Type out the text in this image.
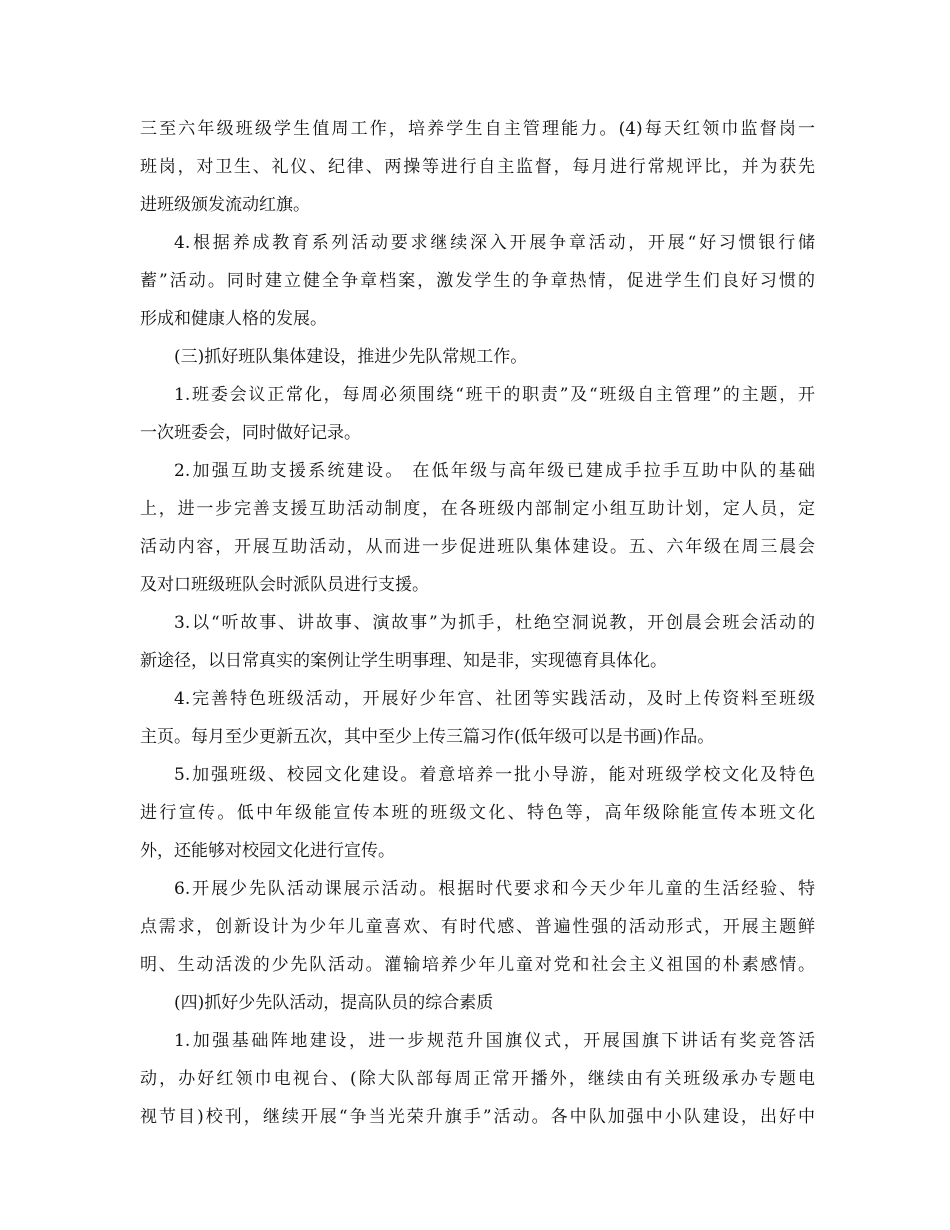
三至六年级班级学生值周工作，培养学生自主管理能力。(4)每天红领巾监督岗一
班岗，对卫生、礼仪、纪律、两操等进行自主监督，每月进行常规评比，并为获先
进班级颁发流动红旗。
4.根据养成教育系列活动要求继续深入开展争章活动，开展“好习惯银行储
蓄”活动。同时建立健全争章档案，激发学生的争章热情，促进学生们良好习惯的
形成和健康人格的发展。
(三)抓好班队集体建设，推进少先队常规工作。
1.班委会议正常化，每周必须围绕“班干的职责”及“班级自主管理”的主题，开
一次班委会，同时做好记录。
2.加强互助支援系统建设。 在低年级与高年级已建成手拉手互助中队的基础
上，进一步完善支援互助活动制度，在各班级内部制定小组互助计划，定人员，定
活动内容，开展互助活动，从而进一步促进班队集体建设。五、六年级在周三晨会
及对口班级班队会时派队员进行支援。
3.以“听故事、讲故事、演故事”为抓手，杜绝空洞说教，开创晨会班会活动的
新途径，以日常真实的案例让学生明事理、知是非，实现德育具体化。
4.完善特色班级活动，开展好少年宫、社团等实践活动，及时上传资料至班级
主页。每月至少更新五次，其中至少上传三篇习作(低年级可以是书画)作品。
5.加强班级、校园文化建设。着意培养一批小导游，能对班级学校文化及特色
进行宣传。低中年级能宣传本班的班级文化、特色等，高年级除能宣传本班文化
外，还能够对校园文化进行宣传。
6.开展少先队活动课展示活动。根据时代要求和今天少年儿童的生活经验、特
点需求，创新设计为少年儿童喜欢、有时代感、普遍性强的活动形式，开展主题鲜
明、生动活泼的少先队活动。灌输培养少年儿童对党和社会主义祖国的朴素感情。
(四)抓好少先队活动，提高队员的综合素质
1.加强基础阵地建设，进一步规范升国旗仪式，开展国旗下讲话有奖竞答活
动，办好红领巾电视台、(除大队部每周正常开播外，继续由有关班级承办专题电
视节目)校刊，继续开展“争当光荣升旗手”活动。各中队加强中小队建设，出好中
